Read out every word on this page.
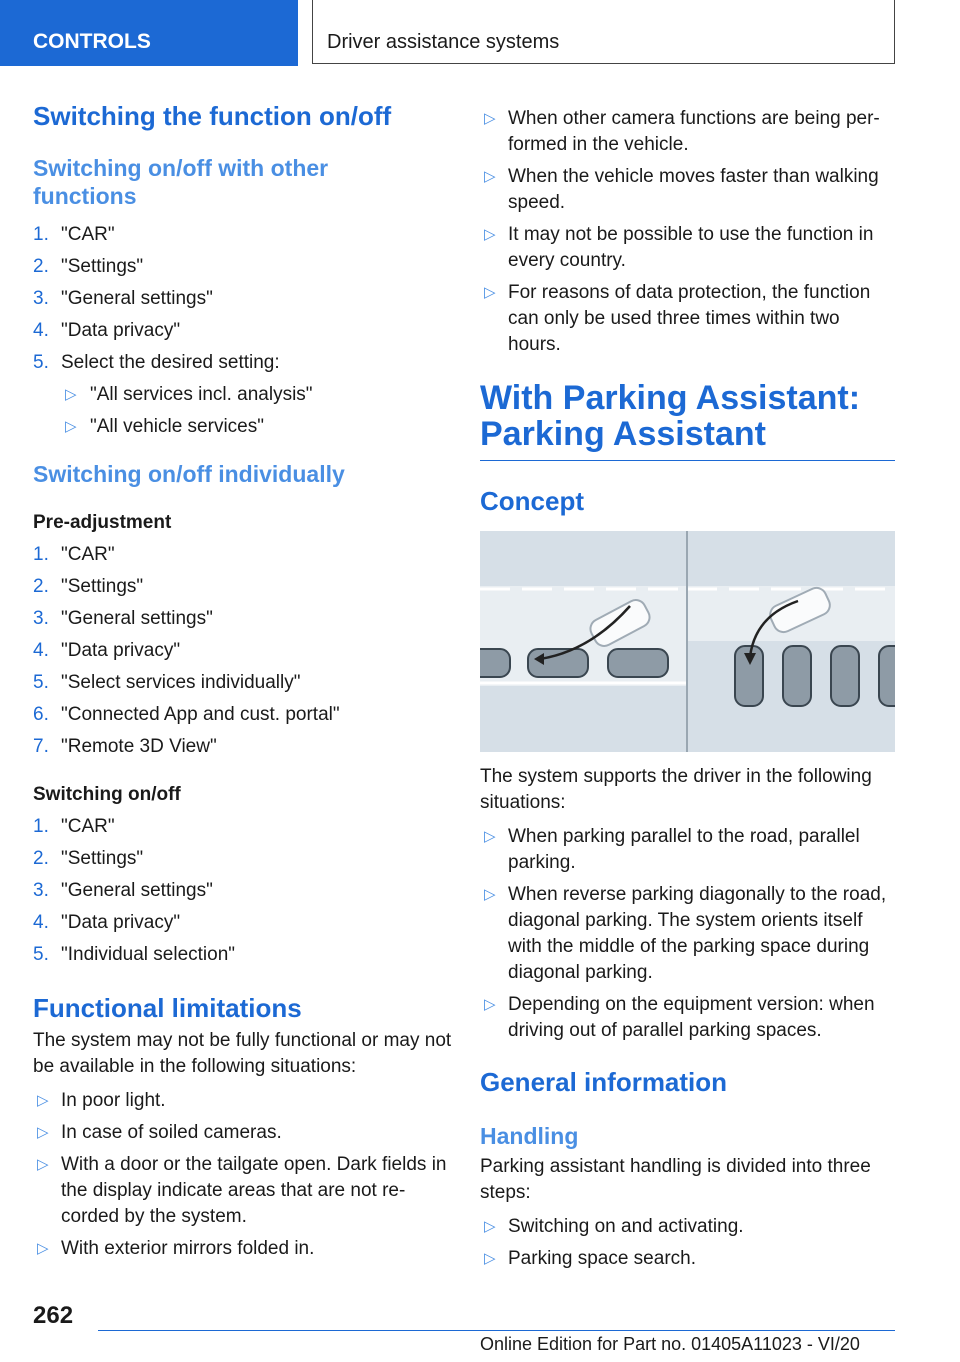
CONTROLS	Driver assistance systems
Switching the function on/off
Switching on/off with other functions
1. "CAR"
2. "Settings"
3. "General settings"
4. "Data privacy"
5. Select the desired setting:
▷ "All services incl. analysis"
▷ "All vehicle services"
Switching on/off individually
Pre-adjustment
1. "CAR"
2. "Settings"
3. "General settings"
4. "Data privacy"
5. "Select services individually"
6. "Connected App and cust. portal"
7. "Remote 3D View"
Switching on/off
1. "CAR"
2. "Settings"
3. "General settings"
4. "Data privacy"
5. "Individual selection"
Functional limitations

The system may not be fully functional or may not be available in the following situations:

▷ In poor light.
▷ In case of soiled cameras.
▷ With a door or the tailgate open. Dark fields in the display indicate areas that are not re‐corded by the system.
▷ With exterior mirrors folded in.
▷ When other camera functions are being per‐formed in the vehicle.
▷ When the vehicle moves faster than walking speed.
▷ It may not be possible to use the function in every country.
▷ For reasons of data protection, the function can only be used three times within two hours.
With Parking Assistant: Parking Assistant
Concept

The system supports the driver in the following situations:

▷ When parking parallel to the road, parallel parking.
▷ When reverse parking diagonally to the road, diagonal parking. The system orients itself with the middle of the parking space during diagonal parking.
▷ Depending on the equipment version: when driving out of parallel parking spaces.
General information
Handling

Parking assistant handling is divided into three steps:

▷ Switching on and activating.
▷ Parking space search.
262
Online Edition for Part no. 01405A11023 - VI/20
